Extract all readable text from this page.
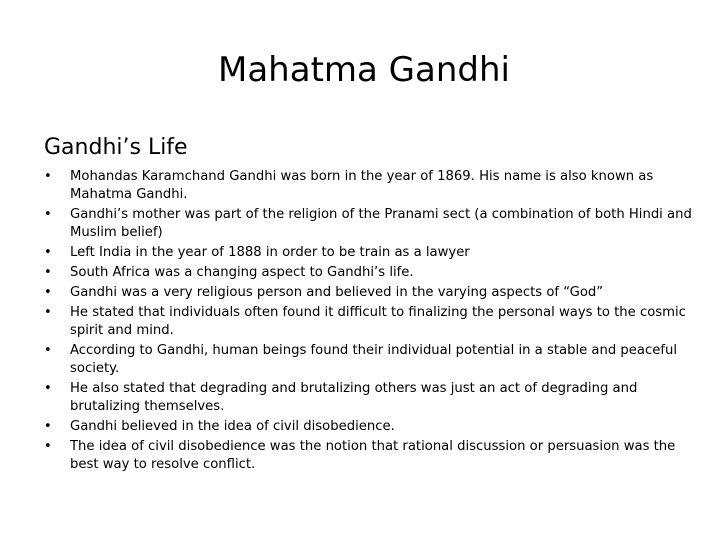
Mahatma Gandhi
Gandhi’s Life
• Mohandas Karamchand Gandhi was born in the year of 1869. His name is also known as Mahatma Gandhi.
• Gandhi’s mother was part of the religion of the Pranami sect (a combination of both Hindi and Muslim belief)
• Left India in the year of 1888 in order to be train as a lawyer
• South Africa was a changing aspect to Gandhi’s life.
• Gandhi was a very religious person and believed in the varying aspects of “God”
• He stated that individuals often found it difficult to finalizing the personal ways to the cosmic spirit and mind.
• According to Gandhi, human beings found their individual potential in a stable and peaceful society.
• He also stated that degrading and brutalizing others was just an act of degrading and brutalizing themselves.
• Gandhi believed in the idea of civil disobedience.
• The idea of civil disobedience was the notion that rational discussion or persuasion was the best way to resolve conflict.
